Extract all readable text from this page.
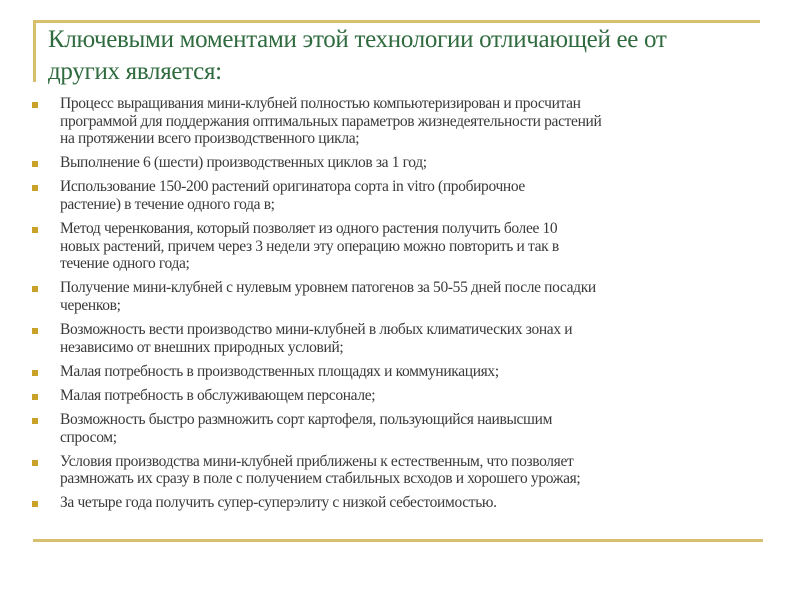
Ключевыми моментами этой технологии отличающей ее от
других является:
Процесс выращивания мини-клубней полностью компьютеризирован и просчитан
программой для поддержания оптимальных параметров жизнедеятельности растений
на протяжении всего производственного цикла;
Выполнение 6 (шести) производственных циклов за 1 год;
Использование 150-200 растений оригинатора сорта in vitro (пробирочное
растение) в течение одного года в;
Метод черенкования, который позволяет из одного растения получить более 10
новых растений, причем через 3 недели эту операцию можно повторить и так в
течение одного года;
Получение мини-клубней с нулевым уровнем патогенов за 50-55 дней после посадки
черенков;
Возможность вести производство мини-клубней в любых климатических зонах и
независимо от внешних природных условий;
Малая потребность в производственных площадях и коммуникациях;
Малая потребность в обслуживающем персонале;
Возможность быстро размножить сорт картофеля, пользующийся наивысшим
спросом;
Условия производства мини-клубней приближены к естественным, что позволяет
размножать их сразу в поле с получением стабильных всходов и хорошего урожая;
За четыре года получить супер-суперэлиту с низкой себестоимостью.
